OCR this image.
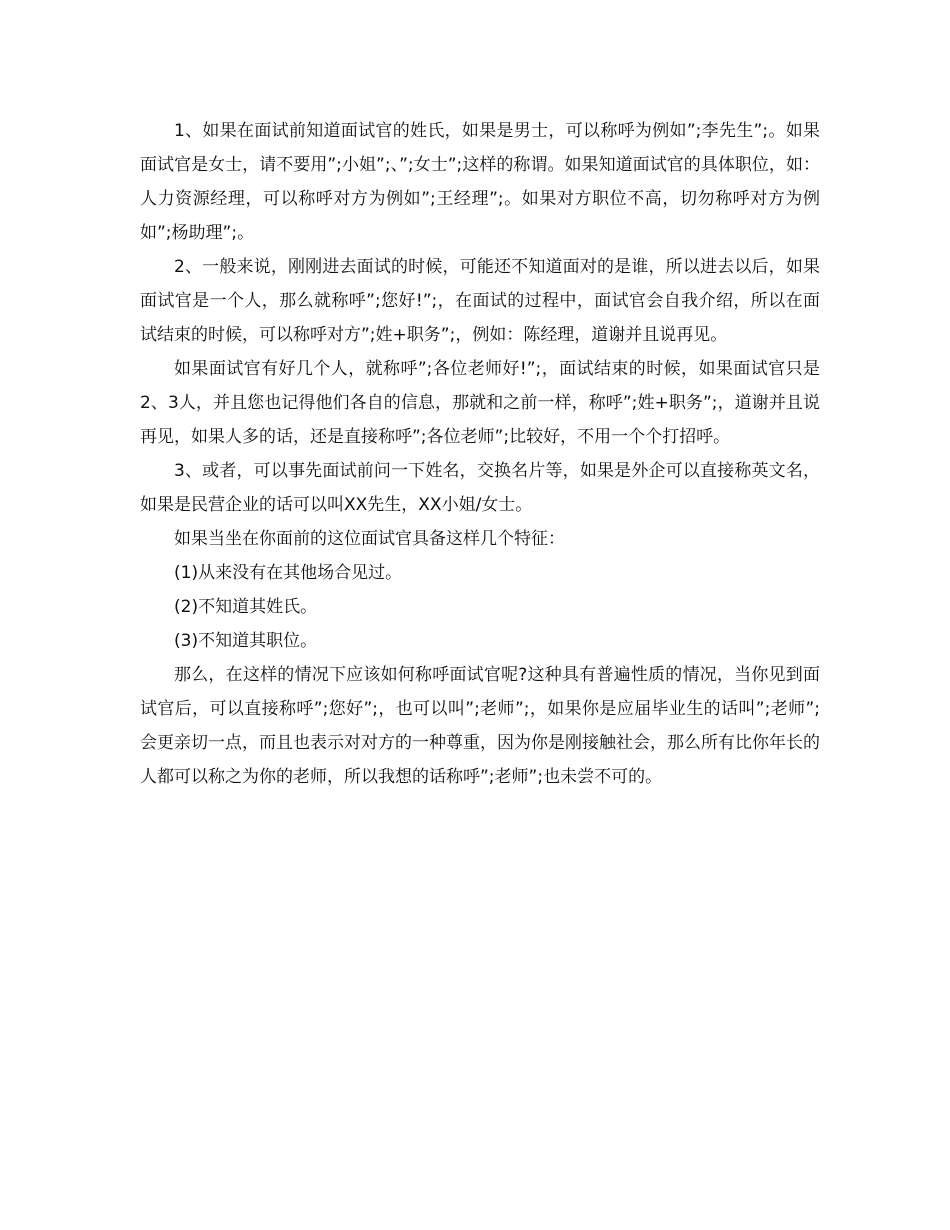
1、如果在面试前知道面试官的姓氏，如果是男士，可以称呼为例如”;李先生”;。如果面试官是女士，请不要用”;小姐”;、”;女士”;这样的称谓。如果知道面试官的具体职位，如：人力资源经理，可以称呼对方为例如”;王经理”;。如果对方职位不高，切勿称呼对方为例如”;杨助理”;。

2、一般来说，刚刚进去面试的时候，可能还不知道面对的是谁，所以进去以后，如果面试官是一个人，那么就称呼”;您好!”;，在面试的过程中，面试官会自我介绍，所以在面试结束的时候，可以称呼对方”;姓+职务”;，例如：陈经理，道谢并且说再见。

如果面试官有好几个人，就称呼”;各位老师好!”;，面试结束的时候，如果面试官只是2、3人，并且您也记得他们各自的信息，那就和之前一样，称呼”;姓+职务”;，道谢并且说再见，如果人多的话，还是直接称呼”;各位老师”;比较好，不用一个个打招呼。

3、或者，可以事先面试前问一下姓名，交换名片等，如果是外企可以直接称英文名，如果是民营企业的话可以叫XX先生，XX小姐/女士。

如果当坐在你面前的这位面试官具备这样几个特征：

(1)从来没有在其他场合见过。

(2)不知道其姓氏。

(3)不知道其职位。

那么，在这样的情况下应该如何称呼面试官呢?这种具有普遍性质的情况，当你见到面试官后，可以直接称呼”;您好”;，也可以叫”;老师”;，如果你是应届毕业生的话叫”;老师”;会更亲切一点，而且也表示对对方的一种尊重，因为你是刚接触社会，那么所有比你年长的人都可以称之为你的老师，所以我想的话称呼”;老师”;也未尝不可的。
